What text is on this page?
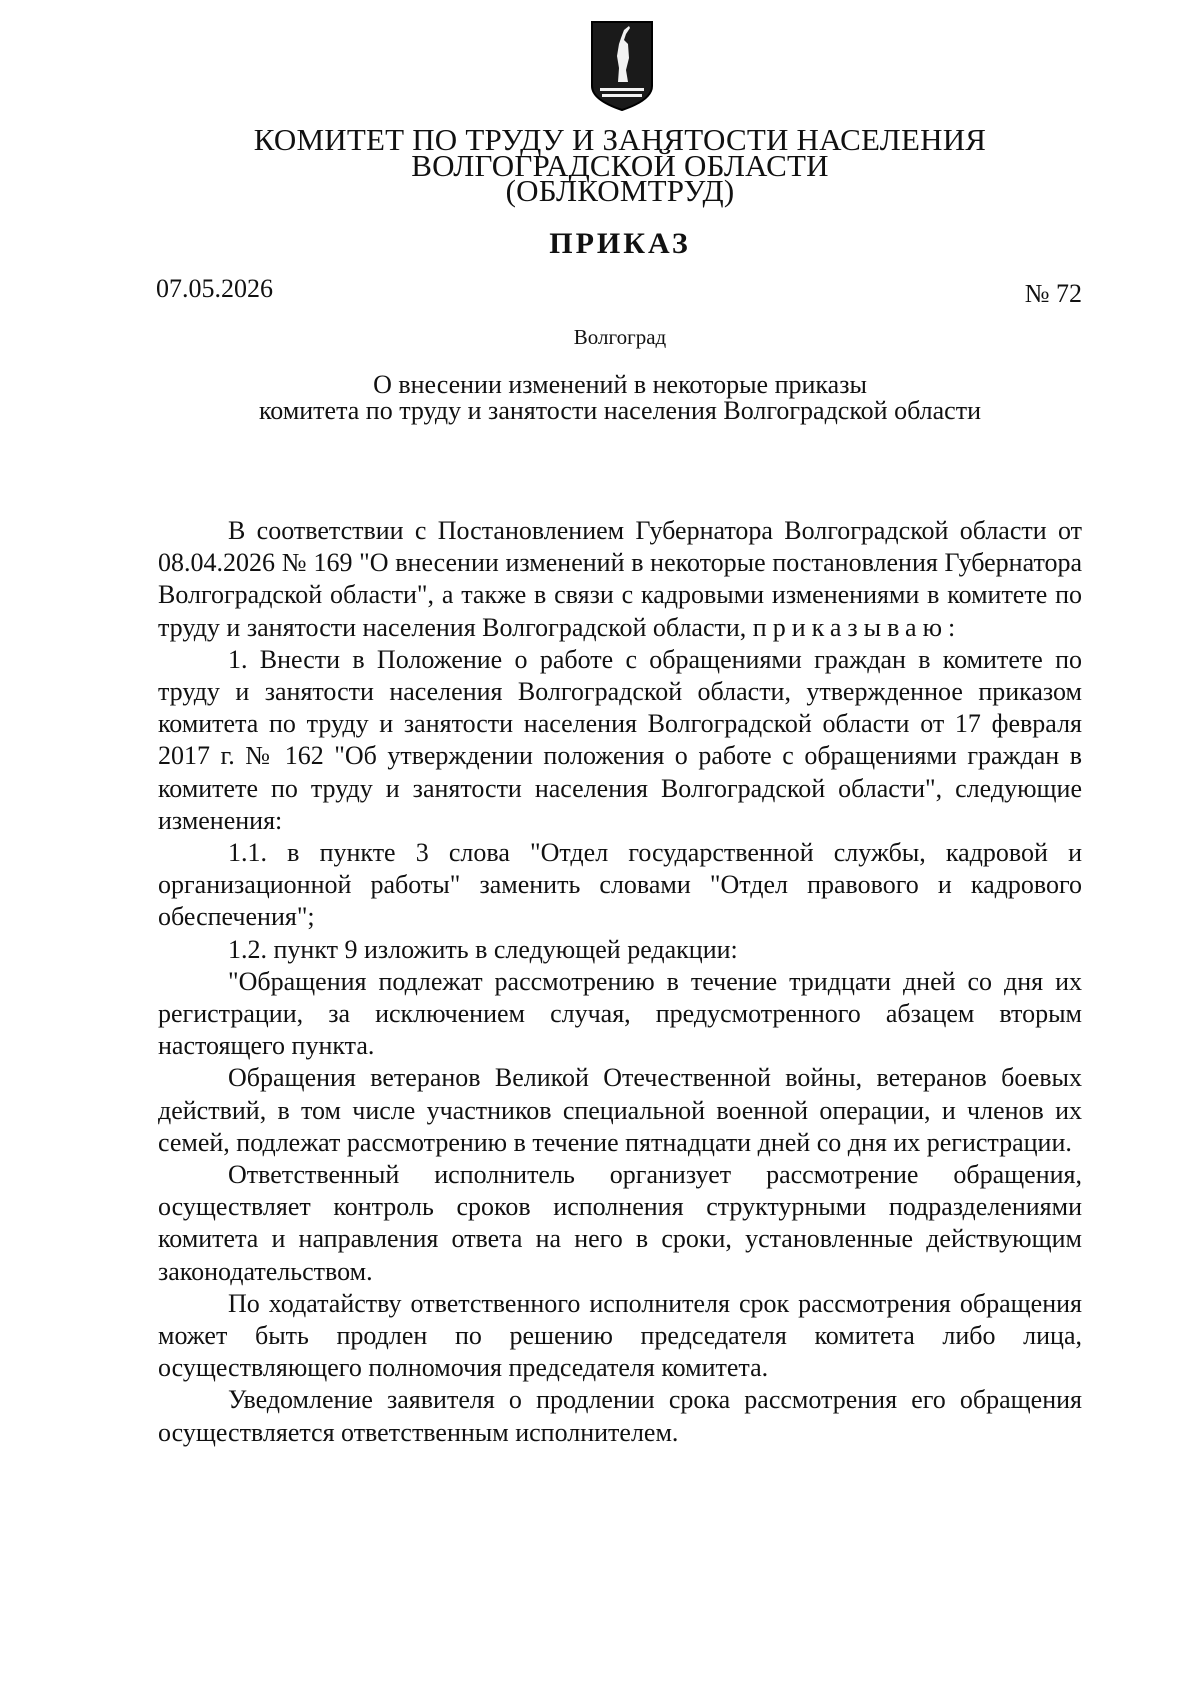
КОМИТЕТ ПО ТРУДУ И ЗАНЯТОСТИ НАСЕЛЕНИЯ
ВОЛГОГРАДСКОЙ ОБЛАСТИ
(ОБЛКОМТРУД)
ПРИКАЗ
07.05.2026	№ 72
Волгоград
О внесении изменений в некоторые приказы
комитета по труду и занятости населения Волгоградской области

В соответствии с Постановлением Губернатора Волгоградской области от 08.04.2026 № 169 "О внесении изменений в некоторые постановления Губернатора Волгоградской области", а также в связи с кадровыми изменениями в комитете по труду и занятости населения Волгоградской области, приказываю:

1. Внести в Положение о работе с обращениями граждан в комитете по труду и занятости населения Волгоградской области, утвержденное приказом комитета по труду и занятости населения Волгоградской области от 17 февраля 2017 г. № 162 "Об утверждении положения о работе с обращениями граждан в комитете по труду и занятости населения Волгоградской области", следующие изменения:

1.1. в пункте 3 слова "Отдел государственной службы, кадровой и организационной работы" заменить словами "Отдел правового и кадрового обеспечения";

1.2. пункт 9 изложить в следующей редакции:

"Обращения подлежат рассмотрению в течение тридцати дней со дня их регистрации, за исключением случая, предусмотренного абзацем вторым настоящего пункта.

Обращения ветеранов Великой Отечественной войны, ветеранов боевых действий, в том числе участников специальной военной операции, и членов их семей, подлежат рассмотрению в течение пятнадцати дней со дня их регистрации.

Ответственный исполнитель организует рассмотрение обращения, осуществляет контроль сроков исполнения структурными подразделениями комитета и направления ответа на него в сроки, установленные действующим законодательством.

По ходатайству ответственного исполнителя срок рассмотрения обращения может быть продлен по решению председателя комитета либо лица, осуществляющего полномочия председателя комитета.

Уведомление заявителя о продлении срока рассмотрения его обращения осуществляется ответственным исполнителем.
